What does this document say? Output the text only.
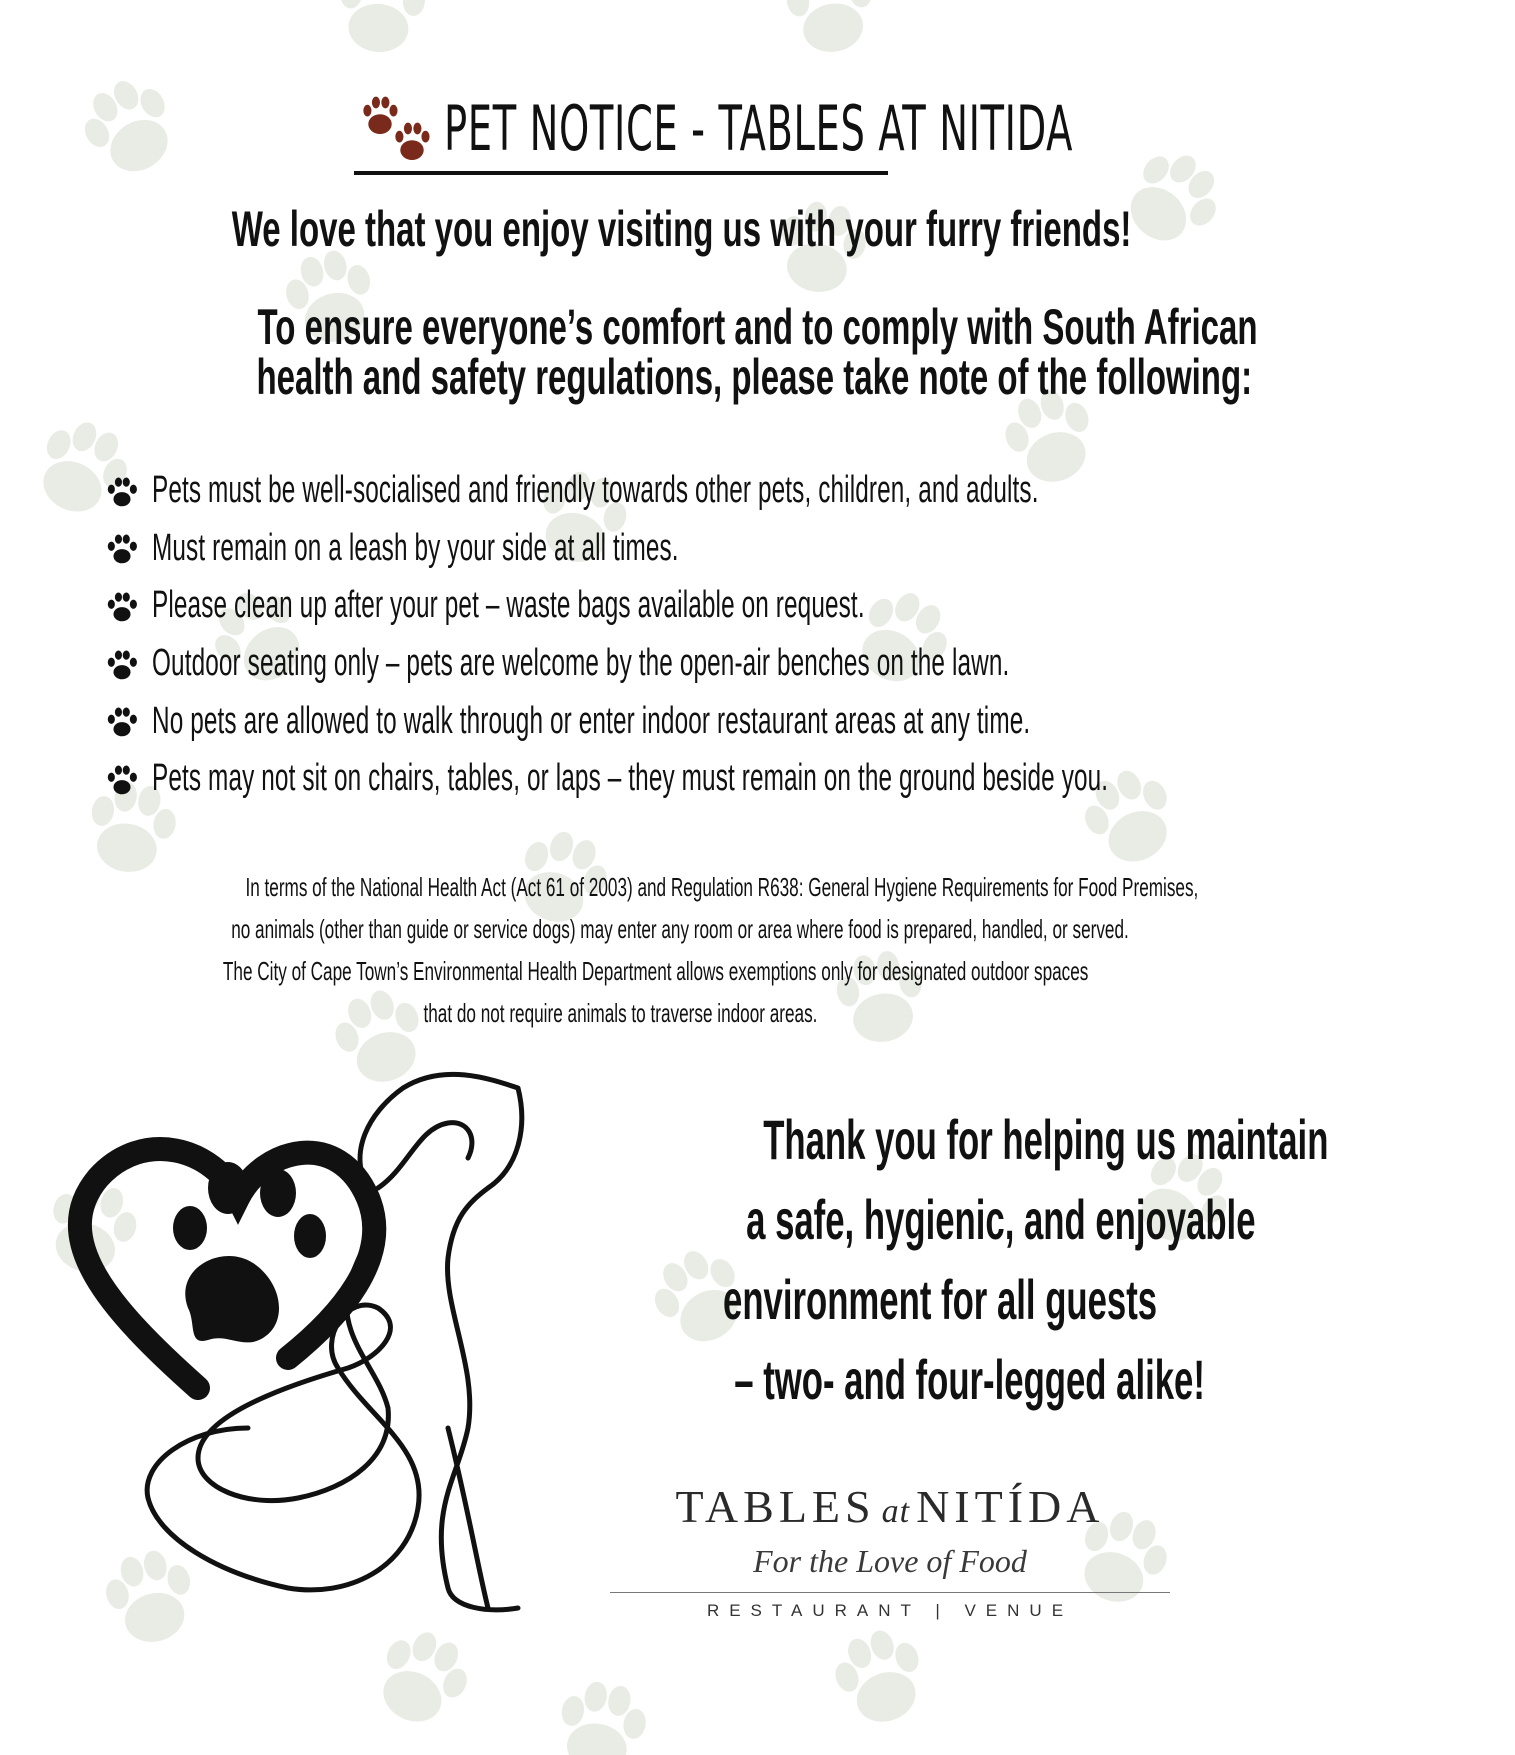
PET NOTICE - TABLES AT NITIDA
We love that you enjoy visiting us with your furry friends!
To ensure everyone’s comfort and to comply with South African
health and safety regulations, please take note of the following:
Pets must be well-socialised and friendly towards other pets, children, and adults.
Must remain on a leash by your side at all times.
Please clean up after your pet – waste bags available on request.
Outdoor seating only – pets are welcome by the open-air benches on the lawn.
No pets are allowed to walk through or enter indoor restaurant areas at any time.
Pets may not sit on chairs, tables, or laps – they must remain on the ground beside you.
In terms of the National Health Act (Act 61 of 2003) and Regulation R638: General Hygiene Requirements for Food Premises,
no animals (other than guide or service dogs) may enter any room or area where food is prepared, handled, or served.
The City of Cape Town’s Environmental Health Department allows exemptions only for designated outdoor spaces
that do not require animals to traverse indoor areas.
Thank you for helping us maintain
a safe, hygienic, and enjoyable
environment for all guests
– two- and four-legged alike!
TABLES at NITÍDA
For the Love of Food
RESTAURANT | VENUE
